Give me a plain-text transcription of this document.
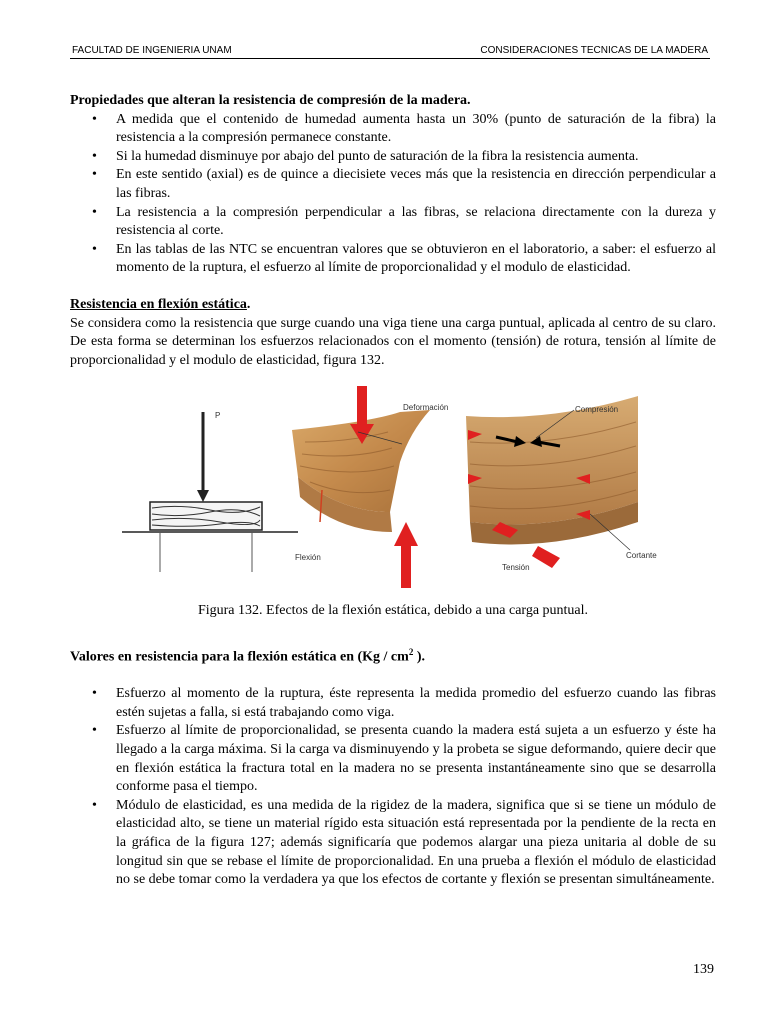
FACULTAD DE INGENIERIA UNAM	CONSIDERACIONES TECNICAS DE LA MADERA
Propiedades que alteran la resistencia de compresión de la madera.
• A medida que el contenido de humedad aumenta hasta un 30% (punto de saturación de la fibra) la resistencia a la compresión permanece constante.
• Si la humedad disminuye por abajo del punto de saturación de la fibra la resistencia aumenta.
• En este sentido (axial) es de quince a diecisiete veces más que la resistencia en dirección perpendicular a las fibras.
• La resistencia a la compresión perpendicular a las fibras, se relaciona directamente con la dureza y resistencia al corte.
• En las tablas de las NTC se encuentran valores que se obtuvieron en el laboratorio, a saber: el esfuerzo al momento de la ruptura, el esfuerzo al límite de proporcionalidad y el modulo de elasticidad.
Resistencia en flexión estática.

Se considera como la resistencia que surge cuando una viga tiene una carga puntual, aplicada al centro de su claro. De esta forma se determinan los esfuerzos relacionados con el momento (tensión) de rotura, tensión al límite de proporcionalidad y el modulo de elasticidad, figura 132.

P
Deformación
Flexión
Compresión
Cortante
Tensión

Figura 132. Efectos de la flexión estática, debido a una carga puntual.

Valores en resistencia para la flexión estática en ($Kg / cm^2$ ).
• Esfuerzo al momento de la ruptura, éste representa la medida promedio del esfuerzo cuando las fibras estén sujetas a falla, si está trabajando como viga.
• Esfuerzo al límite de proporcionalidad, se presenta cuando la madera está sujeta a un esfuerzo y éste ha llegado a la carga máxima. Si la carga va disminuyendo y la probeta se sigue deformando, quiere decir que en flexión estática la fractura total en la madera no se presenta instantáneamente sino que se desarrolla conforme pasa el tiempo.
• Módulo de elasticidad, es una medida de la rigidez de la madera, significa que si se tiene un módulo de elasticidad alto, se tiene un material rígido esta situación está representada por la pendiente de la recta en la gráfica de la figura 127; además significaría que podemos alargar una pieza unitaria al doble de su longitud sin que se rebase el límite de proporcionalidad. En una prueba a flexión el módulo de elasticidad no se debe tomar como la verdadera ya que los efectos de cortante y flexión se presentan simultáneamente.
139
